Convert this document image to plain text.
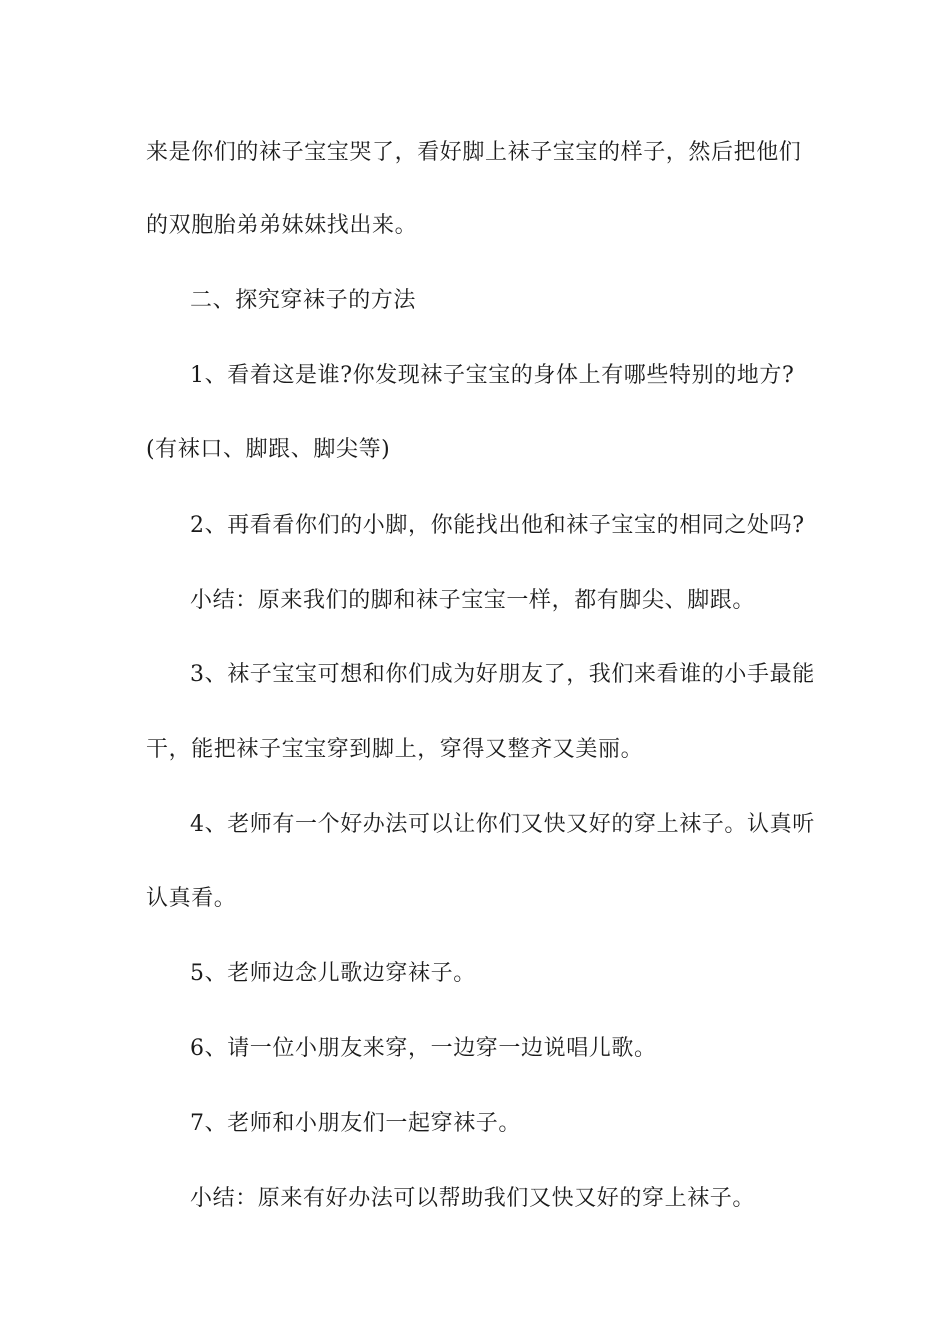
来是你们的袜子宝宝哭了，看好脚上袜子宝宝的样子，然后把他们
的双胞胎弟弟妹妹找出来。
二、探究穿袜子的方法
1、看着这是谁?你发现袜子宝宝的身体上有哪些特别的地方?
(有袜口、脚跟、脚尖等)
2、再看看你们的小脚，你能找出他和袜子宝宝的相同之处吗?
小结：原来我们的脚和袜子宝宝一样，都有脚尖、脚跟。
3、袜子宝宝可想和你们成为好朋友了，我们来看谁的小手最能
干，能把袜子宝宝穿到脚上，穿得又整齐又美丽。
4、老师有一个好办法可以让你们又快又好的穿上袜子。认真听
认真看。
5、老师边念儿歌边穿袜子。
6、请一位小朋友来穿，一边穿一边说唱儿歌。
7、老师和小朋友们一起穿袜子。
小结：原来有好办法可以帮助我们又快又好的穿上袜子。
